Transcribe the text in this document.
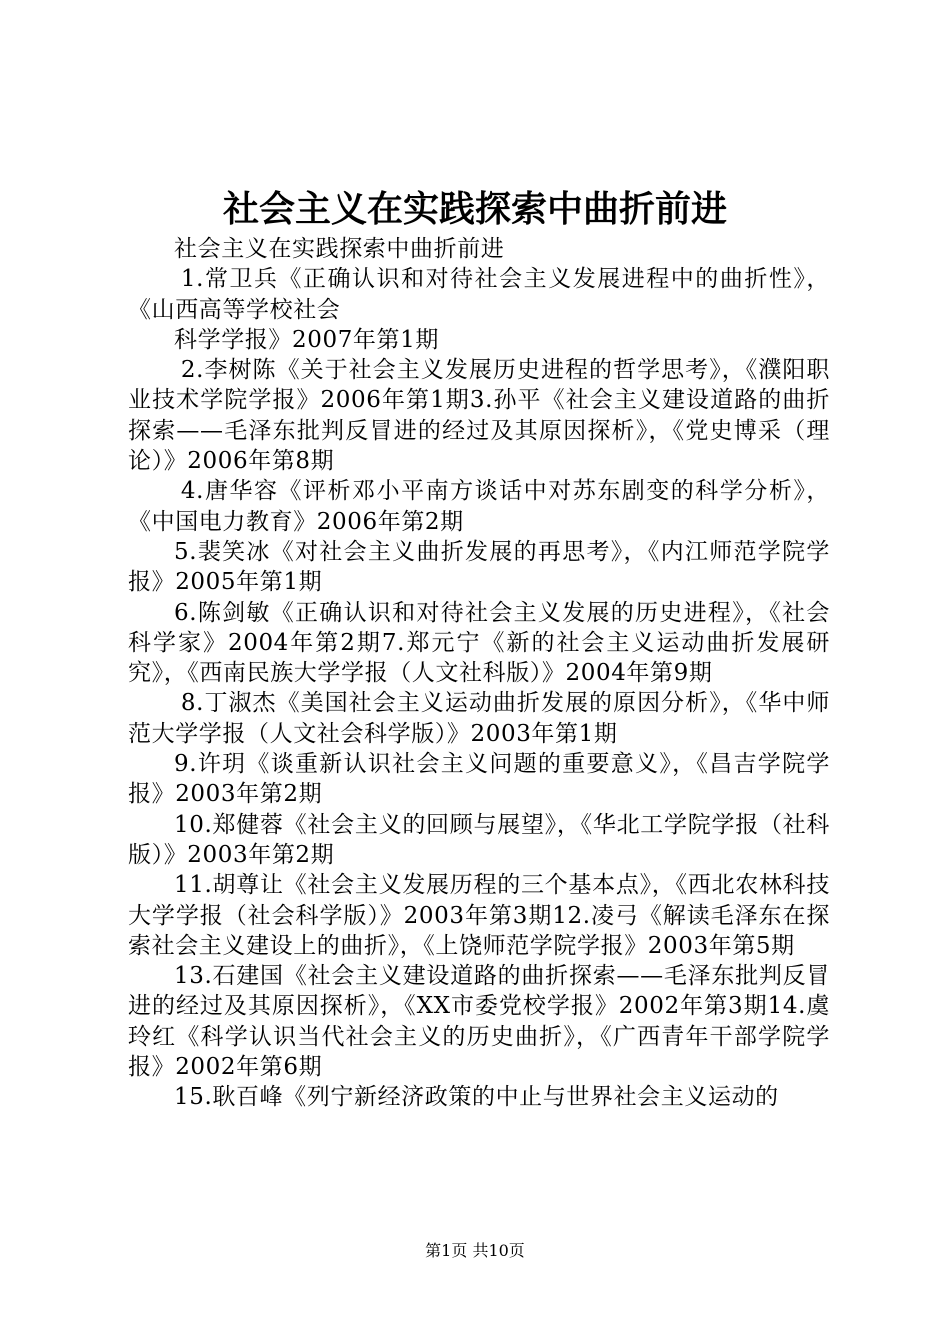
社会主义在实践探索中曲折前进

社会主义在实践探索中曲折前进

1.常卫兵《正确认识和对待社会主义发展进程中的曲折性》，《山西高等学校社会

科学学报》2007年第1期

2.李树陈《关于社会主义发展历史进程的哲学思考》，《濮阳职业技术学院学报》2006年第1期3.孙平《社会主义建设道路的曲折探索——毛泽东批判反冒进的经过及其原因探析》，《党史博采（理论）》2006年第8期

4.唐华容《评析邓小平南方谈话中对苏东剧变的科学分析》，《中国电力教育》2006年第2期

5.裴笑冰《对社会主义曲折发展的再思考》，《内江师范学院学报》2005年第1期

6.陈剑敏《正确认识和对待社会主义发展的历史进程》，《社会科学家》2004年第2期7.郑元宁《新的社会主义运动曲折发展研究》，《西南民族大学学报（人文社科版）》2004年第9期

8.丁淑杰《美国社会主义运动曲折发展的原因分析》，《华中师范大学学报（人文社会科学版）》2003年第1期

9.许玥《谈重新认识社会主义问题的重要意义》，《昌吉学院学报》2003年第2期

10.郑健蓉《社会主义的回顾与展望》，《华北工学院学报（社科版）》2003年第2期

11.胡尊让《社会主义发展历程的三个基本点》，《西北农林科技大学学报（社会科学版）》2003年第3期12.凌弓《解读毛泽东在探索社会主义建设上的曲折》，《上饶师范学院学报》2003年第5期

13.石建国《社会主义建设道路的曲折探索——毛泽东批判反冒进的经过及其原因探析》，《XX市委党校学报》2002年第3期14.虞玲红《科学认识当代社会主义的历史曲折》，《广西青年干部学院学报》2002年第6期

15.耿百峰《列宁新经济政策的中止与世界社会主义运动的

第1页 共10页
